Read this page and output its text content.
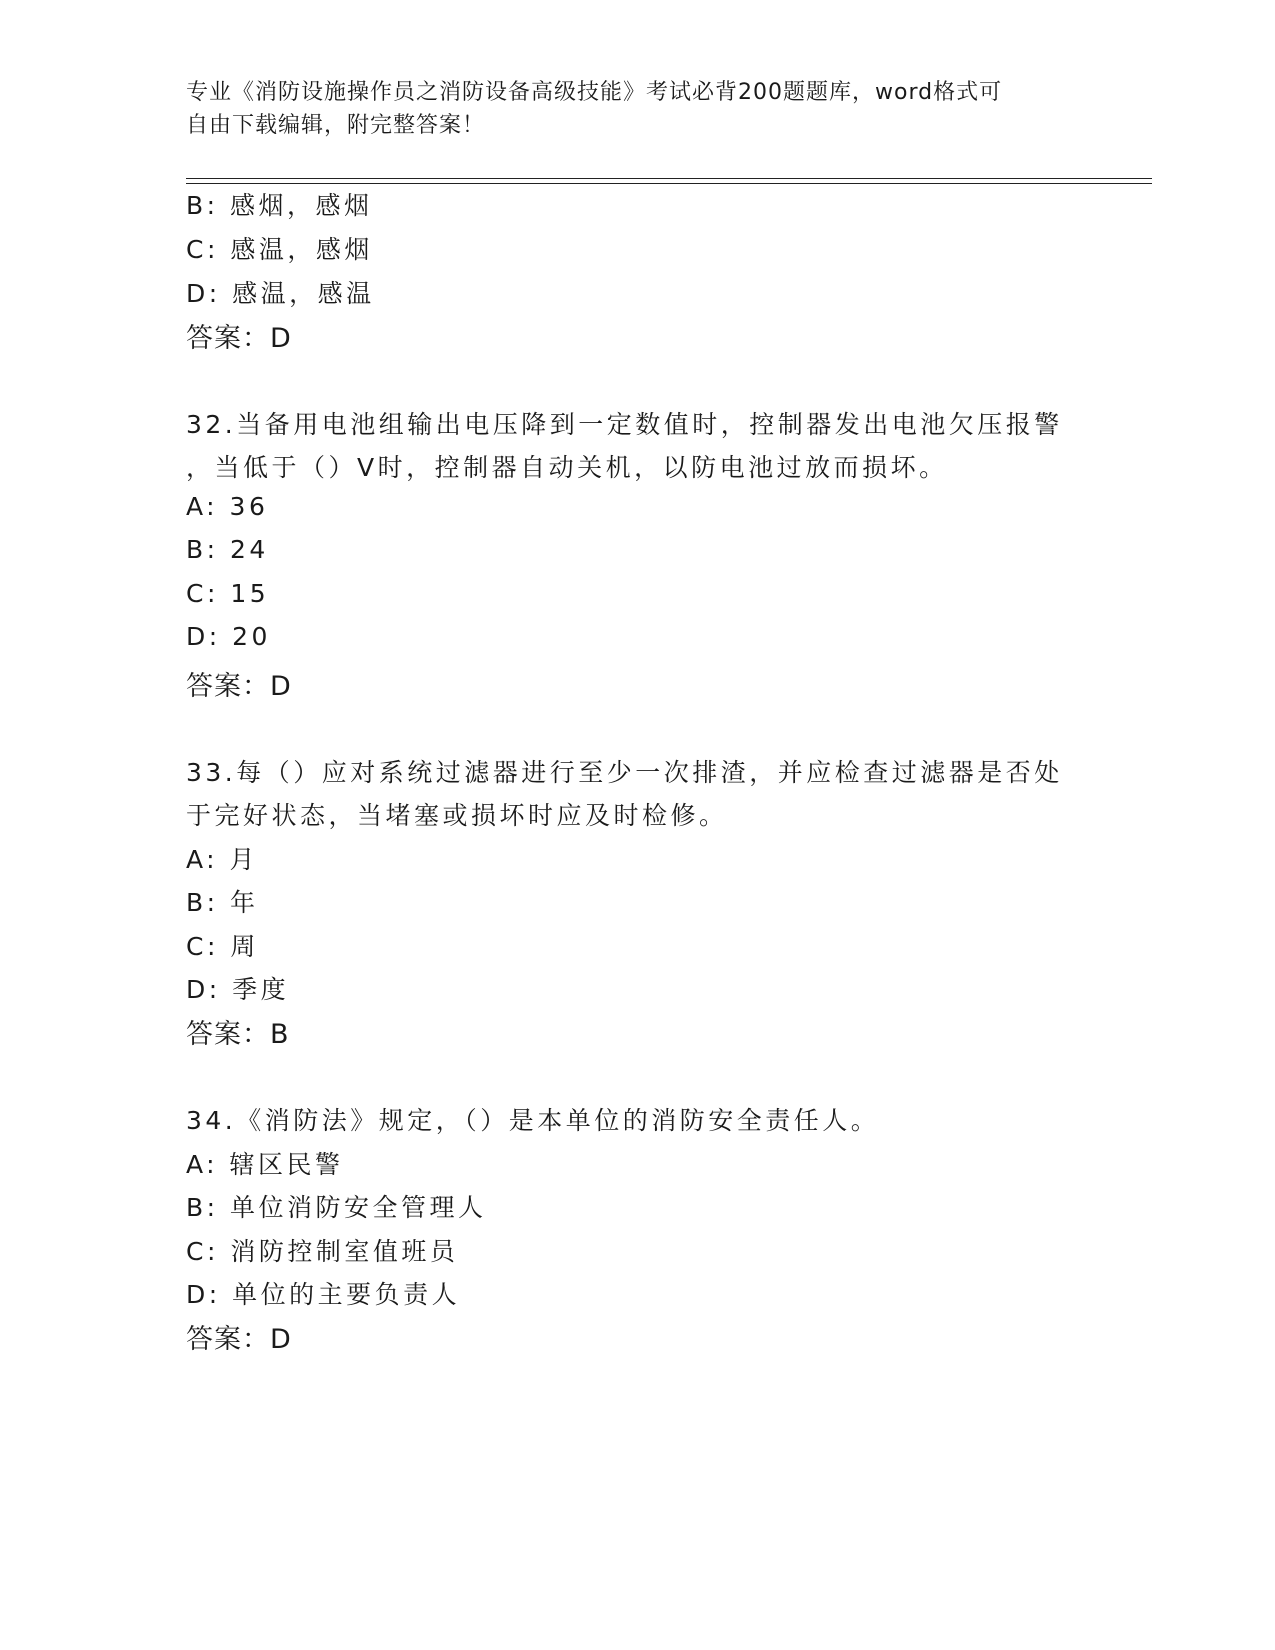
专业《消防设施操作员之消防设备高级技能》考试必背200题题库，word格式可
自由下载编辑，附完整答案！
B: 感烟，感烟
C: 感温，感烟
D: 感温，感温
答案：D
32.当备用电池组输出电压降到一定数值时，控制器发出电池欠压报警
，当低于（）V时，控制器自动关机，以防电池过放而损坏。
A: 36
B: 24
C: 15
D: 20
答案：D
33.每（）应对系统过滤器进行至少一次排渣，并应检查过滤器是否处
于完好状态，当堵塞或损坏时应及时检修。
A: 月
B: 年
C: 周
D: 季度
答案：B
34.《消防法》规定，（）是本单位的消防安全责任人。
A: 辖区民警
B: 单位消防安全管理人
C: 消防控制室值班员
D: 单位的主要负责人
答案：D
